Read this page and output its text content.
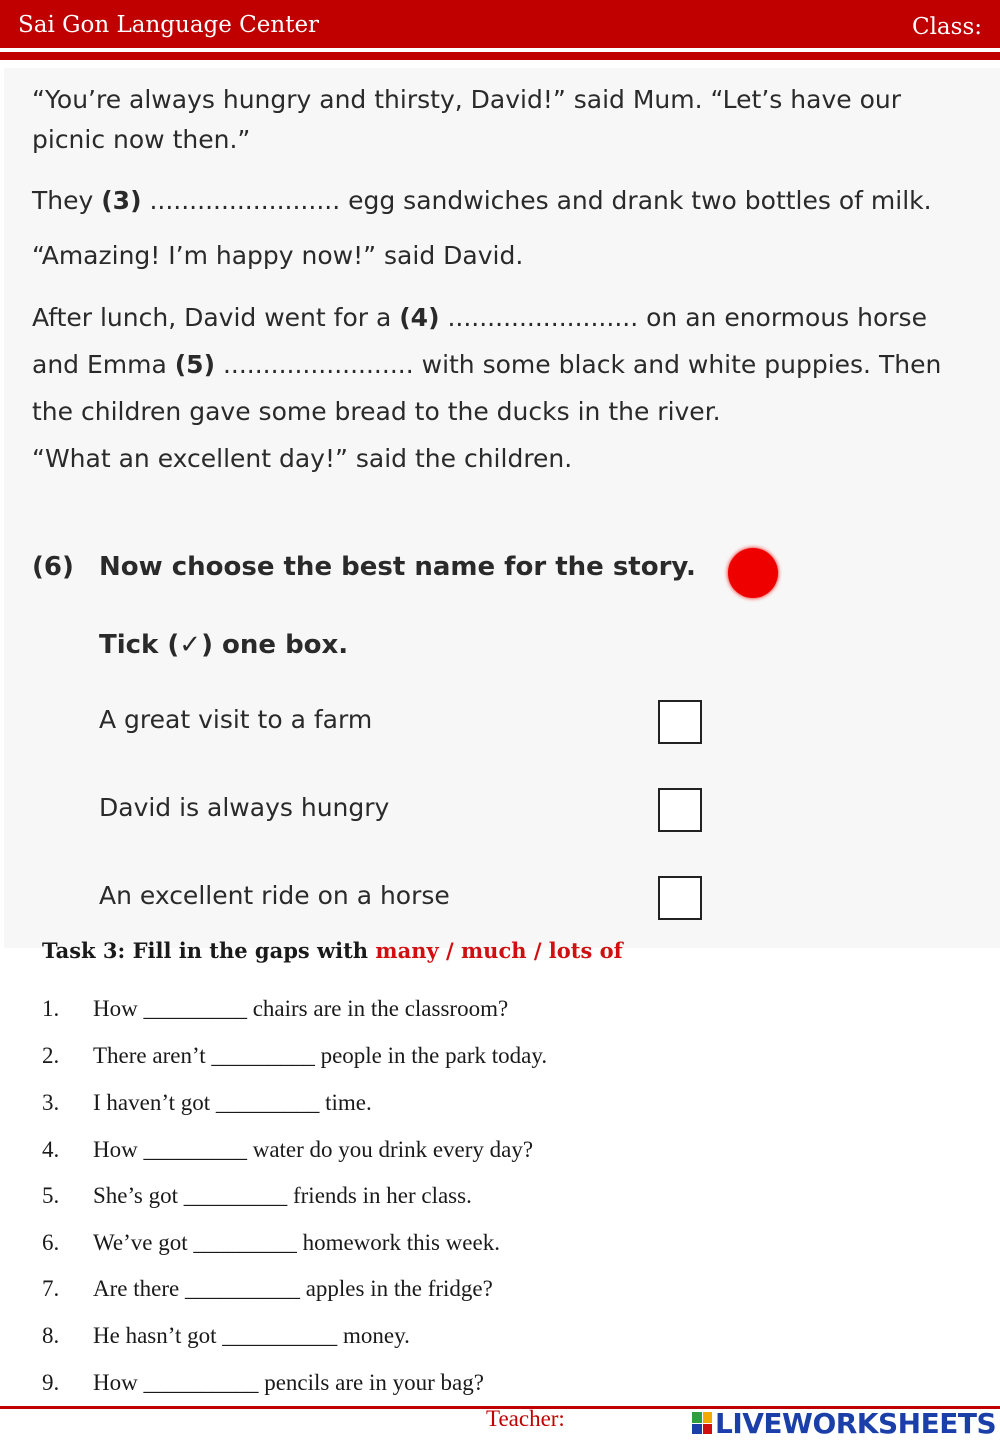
Sai Gon Language Center	Class:
“You’re always hungry and thirsty, David!” said Mum. “Let’s have our
picnic now then.”
They (3) ........................ egg sandwiches and drank two bottles of milk.
“Amazing! I’m happy now!” said David.
After lunch, David went for a (4) ........................ on an enormous horse
and Emma (5) ........................ with some black and white puppies. Then
the children gave some bread to the ducks in the river.
“What an excellent day!” said the children.
(6) Now choose the best name for the story.
Tick (✓) one box.
A great visit to a farm
David is always hungry
An excellent ride on a horse
Task 3: Fill in the gaps with many / much / lots of
1. How _________ chairs are in the classroom?
2. There aren’t _________ people in the park today.
3. I haven’t got _________ time.
4. How _________ water do you drink every day?
5. She’s got _________ friends in her class.
6. We’ve got _________ homework this week.
7. Are there __________ apples in the fridge?
8. He hasn’t got __________ money.
9. How __________ pencils are in your bag?
Teacher:	LIVEWORKSHEETS
